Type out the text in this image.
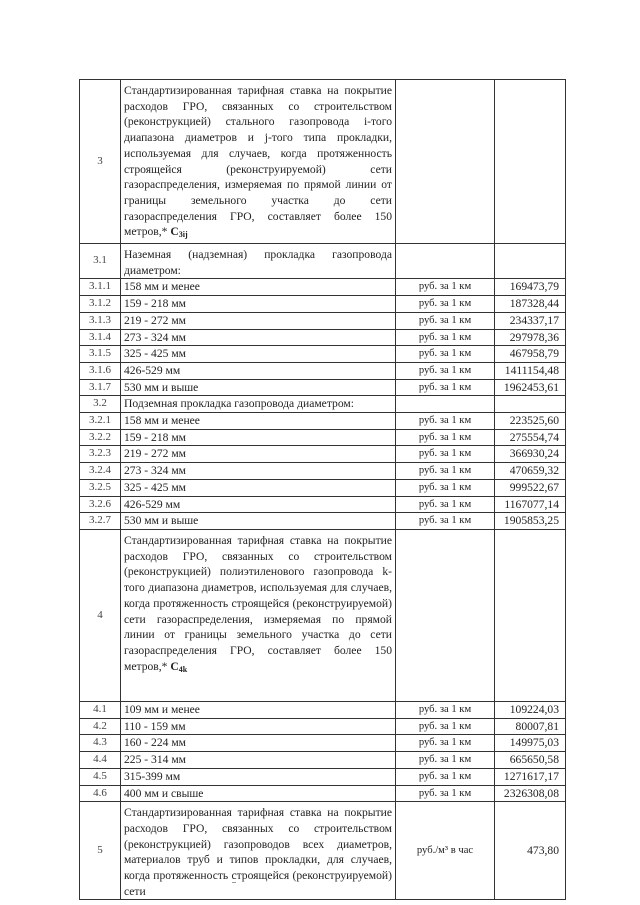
3	Стандартизированная тарифная ставка на покрытие расходов ГРО, связанных со строительством (реконструкцией) стального газопровода i-того диапазона диаметров и j-того типа прокладки, используемая для случаев, когда протяженность строящейся (реконструируемой) сети газораспределения, измеряемая по прямой линии от границы земельного участка до сети газораспределения ГРО, составляет более 150 метров,* $С_{3ij}$		
3.1	Наземная (надземная) прокладка газопровода диаметром:		
3.1.1	158 мм и менее	руб. за 1 км	169473,79
3.1.2	159 - 218 мм	руб. за 1 км	187328,44
3.1.3	219 - 272 мм	руб. за 1 км	234337,17
3.1.4	273 - 324 мм	руб. за 1 км	297978,36
3.1.5	325 - 425 мм	руб. за 1 км	467958,79
3.1.6	426-529 мм	руб. за 1 км	1411154,48
3.1.7	530 мм и выше	руб. за 1 км	1962453,61
3.2	Подземная прокладка газопровода диаметром:		
3.2.1	158 мм и менее	руб. за 1 км	223525,60
3.2.2	159 - 218 мм	руб. за 1 км	275554,74
3.2.3	219 - 272 мм	руб. за 1 км	366930,24
3.2.4	273 - 324 мм	руб. за 1 км	470659,32
3.2.5	325 - 425 мм	руб. за 1 км	999522,67
3.2.6	426-529 мм	руб. за 1 км	1167077,14
3.2.7	530 мм и выше	руб. за 1 км	1905853,25
4	Стандартизированная тарифная ставка на покрытие расходов ГРО, связанных со строительством (реконструкцией) полиэтиленового газопровода k-того диапазона диаметров, используемая для случаев, когда протяженность строящейся (реконструируемой) сети газораспределения, измеряемая по прямой линии от границы земельного участка до сети газораспределения ГРО, составляет более 150 метров,* $С_{4k}$		
4.1	109 мм и менее	руб. за 1 км	109224,03
4.2	110 - 159 мм	руб. за 1 км	80007,81
4.3	160 - 224 мм	руб. за 1 км	149975,03
4.4	225 - 314 мм	руб. за 1 км	665650,58
4.5	315-399 мм	руб. за 1 км	1271617,17
4.6	400 мм и свыше	руб. за 1 км	2326308,08
5	Стандартизированная тарифная ставка на покрытие расходов ГРО, связанных со строительством (реконструкцией) газопроводов всех диаметров, материалов труб и типов прокладки, для случаев, когда протяженность строящейся (реконструируемой) сети	руб./м³ в час	473,80
